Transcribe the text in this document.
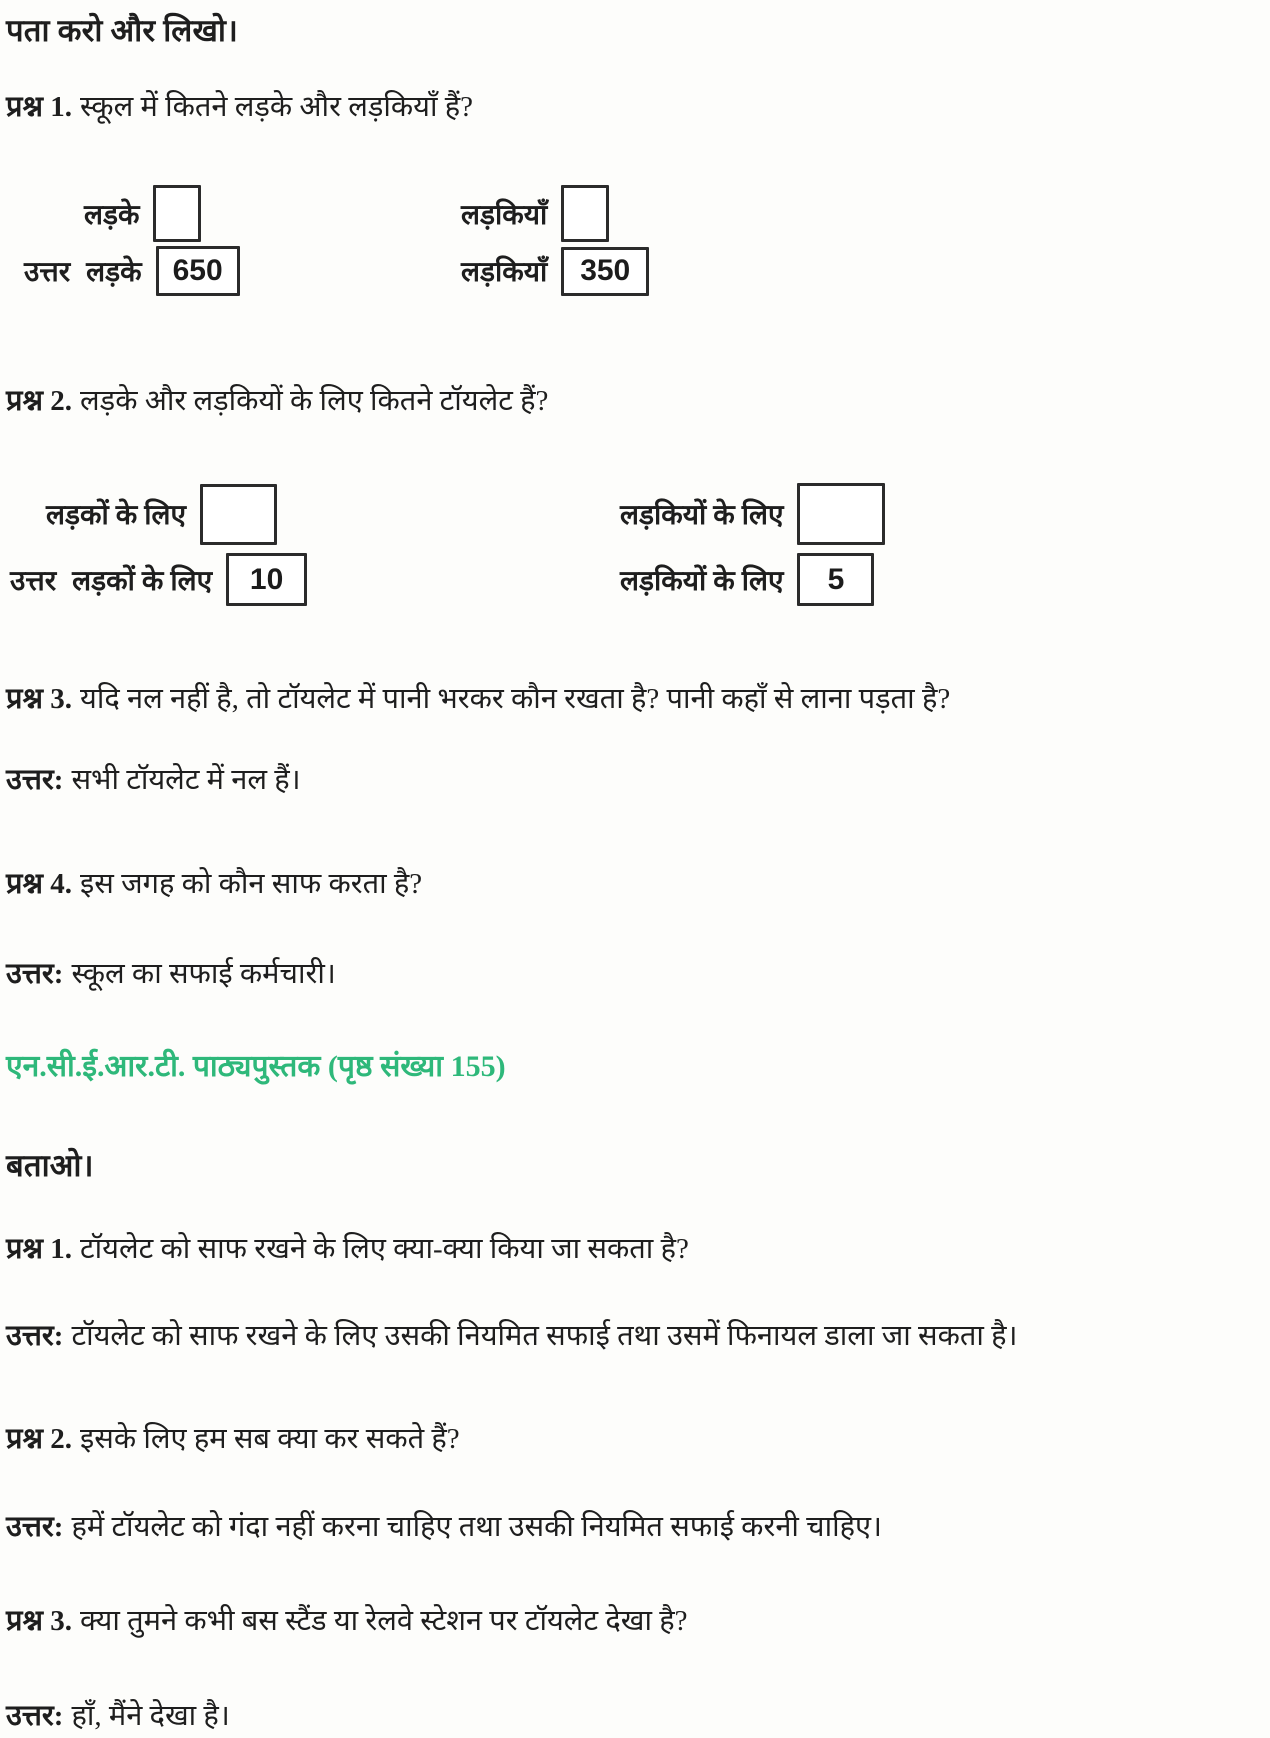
पता करो और लिखो।

प्रश्न 1. स्कूल में कितने लड़के और लड़कियाँ हैं?

लड़के	लड़कियाँ
उत्तर लड़के	650	लड़कियाँ	350

प्रश्न 2. लड़के और लड़कियों के लिए कितने टॉयलेट हैं?

लड़कों के लिए	लड़कियों के लिए
उत्तर लड़कों के लिए	10	लड़कियों के लिए	5

प्रश्न 3. यदि नल नहीं है, तो टॉयलेट में पानी भरकर कौन रखता है? पानी कहाँ से लाना पड़ता है?

उत्तर: सभी टॉयलेट में नल हैं।

प्रश्न 4. इस जगह को कौन साफ करता है?

उत्तर: स्कूल का सफाई कर्मचारी।

एन.सी.ई.आर.टी. पाठ्यपुस्तक (पृष्ठ संख्या 155)

बताओ।

प्रश्न 1. टॉयलेट को साफ रखने के लिए क्या-क्या किया जा सकता है?

उत्तर: टॉयलेट को साफ रखने के लिए उसकी नियमित सफाई तथा उसमें फिनायल डाला जा सकता है।

प्रश्न 2. इसके लिए हम सब क्या कर सकते हैं?

उत्तर: हमें टॉयलेट को गंदा नहीं करना चाहिए तथा उसकी नियमित सफाई करनी चाहिए।

प्रश्न 3. क्या तुमने कभी बस स्टैंड या रेलवे स्टेशन पर टॉयलेट देखा है?

उत्तर: हाँ, मैंने देखा है।
